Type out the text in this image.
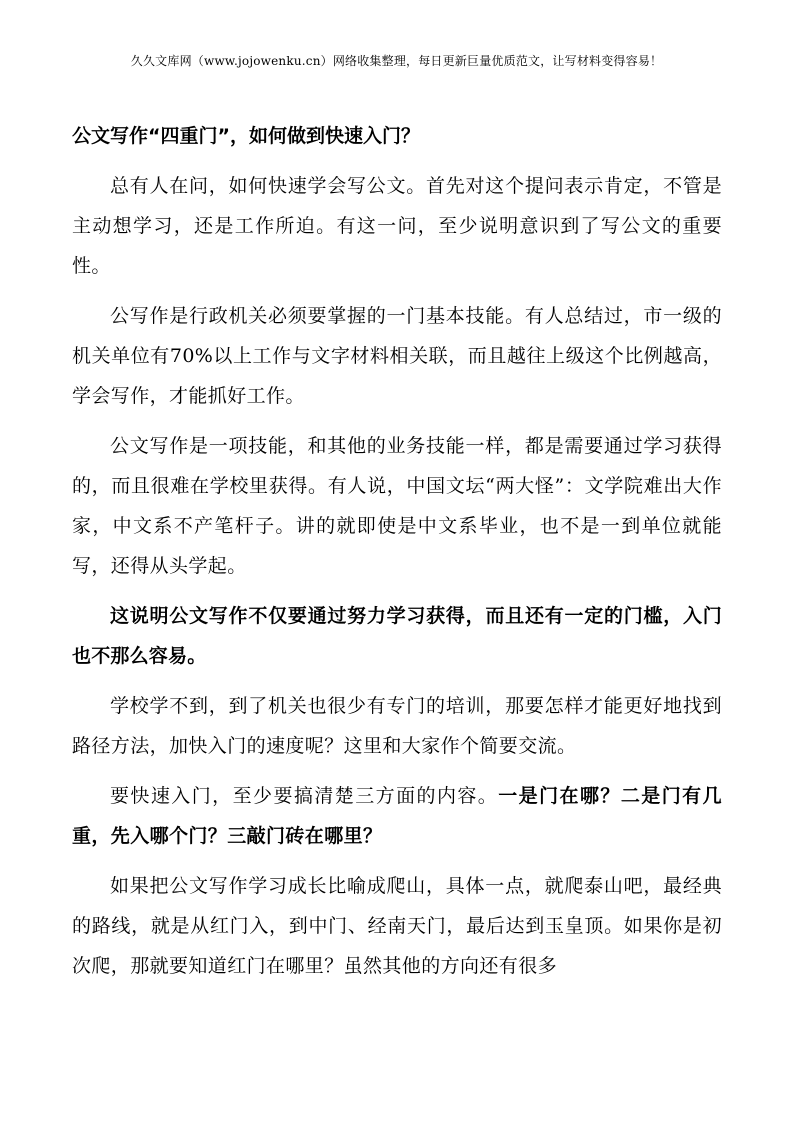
久久文库网（www.jojowenku.cn）网络收集整理，每日更新巨量优质范文，让写材料变得容易！
公文写作“四重门”，如何做到快速入门？

总有人在问，如何快速学会写公文。首先对这个提问表示肯定，不管是主动想学习，还是工作所迫。有这一问，至少说明意识到了写公文的重要性。

公写作是行政机关必须要掌握的一门基本技能。有人总结过，市一级的机关单位有70%以上工作与文字材料相关联，而且越往上级这个比例越高，学会写作，才能抓好工作。

公文写作是一项技能，和其他的业务技能一样，都是需要通过学习获得的，而且很难在学校里获得。有人说，中国文坛“两大怪”：文学院难出大作家，中文系不产笔杆子。讲的就即使是中文系毕业，也不是一到单位就能写，还得从头学起。

这说明公文写作不仅要通过努力学习获得，而且还有一定的门槛，入门也不那么容易。

学校学不到，到了机关也很少有专门的培训，那要怎样才能更好地找到路径方法，加快入门的速度呢？这里和大家作个简要交流。

要快速入门，至少要搞清楚三方面的内容。一是门在哪？二是门有几重，先入哪个门？三敲门砖在哪里？

如果把公文写作学习成长比喻成爬山，具体一点，就爬泰山吧，最经典的路线，就是从红门入，到中门、经南天门，最后达到玉皇顶。如果你是初次爬，那就要知道红门在哪里？虽然其他的方向还有很多
